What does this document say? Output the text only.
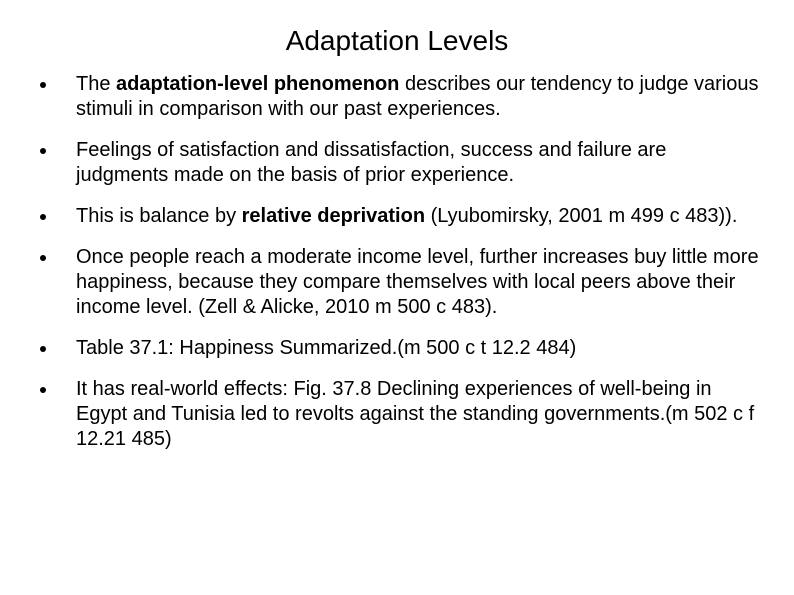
Adaptation Levels
The adaptation-level phenomenon describes our tendency to judge various stimuli in comparison with our past experiences.
Feelings of satisfaction and dissatisfaction, success and failure are judgments made on the basis of prior experience.
This is balance by relative deprivation (Lyubomirsky, 2001 m 499 c 483)).
Once people reach a moderate income level, further increases buy little more happiness, because they compare themselves with local peers above their income level. (Zell & Alicke, 2010 m 500 c 483).
Table 37.1: Happiness Summarized.(m 500 c t 12.2 484)
It has real-world effects: Fig. 37.8 Declining experiences of well-being in Egypt and Tunisia led to revolts against the standing governments.(m 502 c f 12.21 485)
